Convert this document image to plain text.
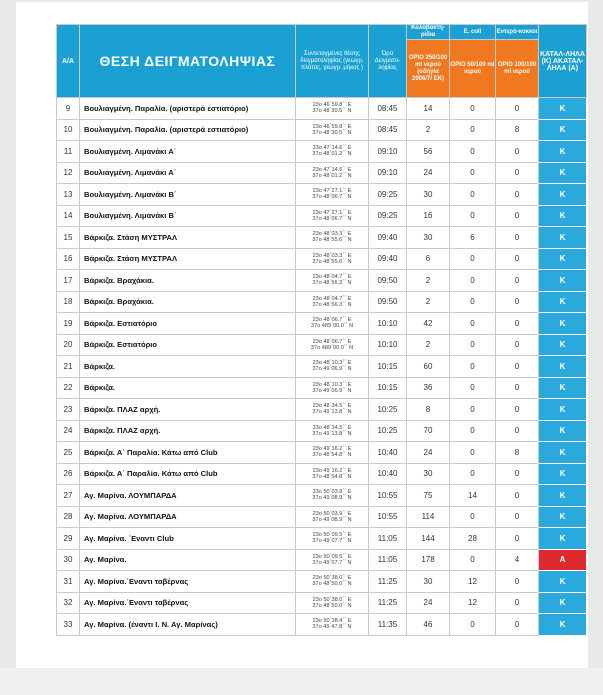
Α/Α	ΘΕΣΗ ΔΕΙΓΜΑΤΟΛΗΨΙΑΣ	Συντεταγμένες θέσης δειγματοληψίας (γεωγρ. πλάτος, γεωγρ. μήκος )	Ώρα Δειγματο-ληψίας	Κολοβακτη-ρίδια	E. coli	Εντερό-κοκκοι	ΚΑΤΑΛ-ΛΗΛΑ (Κ) ΑΚΑΤΑΛ-ΛΗΛΑ (Α)
				ΟΡΙΟ 250/100 ml νερού (οδηγία 2006/7/ ΕΚ)	ΟΡΙΟ 50/100 ml νερού	ΟΡΙΟ 100/100 ml νερού	
9	Βουλιαγμένη. Παραλία. (αριστερά εστιατόριο)	23ο 46΄59.8΄΄ Ε
37ο 48΄30.5΄΄ Ν	08:45	14	0	0	Κ
10	Βουλιαγμένη. Παραλία. (αριστερά εστιατόριο)	23ο 46΄59.8΄΄ Ε
37ο 48΄30.5΄΄ Ν	08:45	2	0	8	Κ
11	Βουλιαγμένη. Λιμανάκι Α΄	23ο 47΄14.6΄΄ Ε
37ο 48΄01.2΄΄ Ν	09:10	56	0	0	Κ
12	Βουλιαγμένη. Λιμανάκι Α΄	23ο 47΄14.6΄΄ Ε
37ο 48΄01.2΄΄ Ν	09:10	24	0	0	Κ
13	Βουλιαγμένη. Λιμανάκι Β΄	23ο 47΄27.1΄΄ Ε
37ο 48΄06.7΄΄ Ν	09:25	30	0	0	Κ
14	Βουλιαγμένη. Λιμανάκι Β΄	23ο 47΄27.1΄΄ Ε
37ο 48΄06.7΄΄ Ν	09:25	16	0	0	Κ
15	Βάρκιζα. Στάση ΜΥΣΤΡΑΛ	23ο 48΄03.3΄΄ Ε
37ο 48΄55.6΄΄ Ν	09:40	30	6	0	Κ
16	Βάρκιζα. Στάση ΜΥΣΤΡΑΛ	23ο 48΄03.3΄΄ Ε
37ο 48΄55.6΄΄ Ν	09:40	6	0	0	Κ
17	Βάρκιζα. Βραχάκια.	23ο 48΄04.7΄΄ Ε
37ο 48΄56.3΄΄ Ν	09:50	2	0	0	Κ
18	Βάρκιζα. Βραχάκια.	23ο 48΄04.7΄΄ Ε
37ο 48΄56.3΄΄ Ν	09:50	2	0	0	Κ
19	Βάρκιζα. Εστιατόριο	23ο 48΄06.7΄΄ Ε
37ο 489΄00.0΄΄ Ν	10:10	42	0	0	Κ
20	Βάρκιζα. Εστιατόριο	23ο 48΄06.7΄΄ Ε
37ο 489΄00.0΄΄ Ν	10:10	2	0	0	Κ
21	Βάρκιζα.	23ο 48΄10.3΄΄ Ε
37ο 49΄06.9΄΄ Ν	10:15	60	0	0	Κ
22	Βάρκιζα.	23ο 48΄10.3΄΄ Ε
37ο 49΄06.9΄΄ Ν	10:15	36	0	0	Κ
23	Βάρκιζα. ΠΛΑΖ αρχή.	23ο 48΄34.5΄΄ Ε
37ο 49΄13.8΄΄ Ν	10:25	8	0	0	Κ
24	Βάρκιζα. ΠΛΑΖ αρχή.	23ο 48΄34.5΄΄ Ε
37ο 49΄13.8΄΄ Ν	10:25	70	0	0	Κ
25	Βάρκιζα. Α΄ Παραλία. Κάτω από Club	23ο 49΄16.2΄΄ Ε
37ο 48΄54.8΄΄ Ν	10:40	24	0	8	Κ
26	Βάρκιζα. Α΄ Παραλία. Κάτω από Club	23ο 49΄16.2΄΄ Ε
37ο 48΄54.8΄΄ Ν	10:40	30	0	0	Κ
27	Αγ. Μαρίνα. ΛΟΥΜΠΑΡΔΑ	23ο 50΄03.9΄΄ Ε
37ο 49΄08.9΄΄ Ν	10:55	75	14	0	Κ
28	Αγ. Μαρίνα. ΛΟΥΜΠΑΡΔΑ	23ο 50΄03.9΄΄ Ε
37ο 49΄08.9΄΄ Ν	10:55	114	0	0	Κ
29	Αγ. Μαρίνα. ΄Εναντι Club	23ο 50΄09.5΄΄ Ε
37ο 49΄07.7΄΄ Ν	11:05	144	28	0	Κ
30	Αγ. Μαρίνα.	23ο 50΄09.5΄΄ Ε
37ο 49΄07.7΄΄ Ν	11:05	178	0	4	Α
31	Αγ. Μαρίνα.΄Εναντι ταβέρνας	23ο 50΄38.0΄΄ Ε
37ο 48΄50.0΄΄ Ν	11:25	30	12	0	Κ
32	Αγ. Μαρίνα.΄Εναντι ταβέρνας	23ο 50΄38.0΄΄ Ε
37ο 48΄50.0΄΄ Ν	11:25	24	12	0	Κ
33	Αγ. Μαρίνα. (έναντι Ι. Ν. Αγ. Μαρίνας)	23ο 50΄38.4΄΄ Ε
37ο 49΄47.8΄΄ Ν	11:35	46	0	0	Κ
